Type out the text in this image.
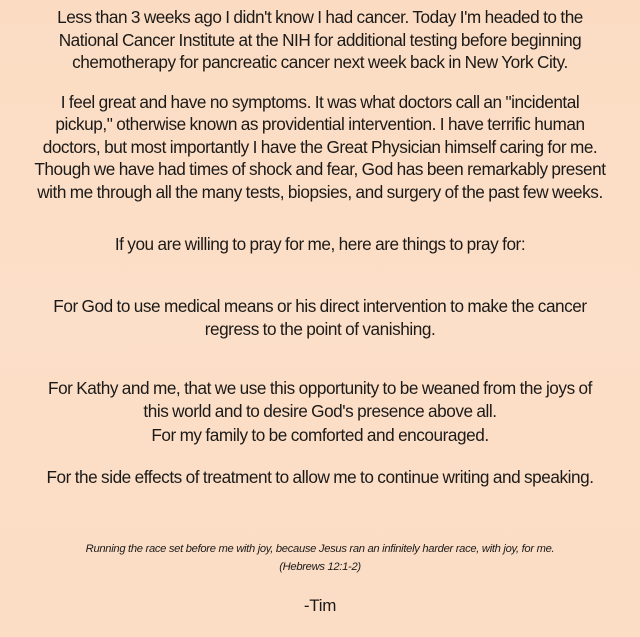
Less than 3 weeks ago I didn't know I had cancer. Today I'm headed to the
National Cancer Institute at the NIH for additional testing before beginning
chemotherapy for pancreatic cancer next week back in New York City.
I feel great and have no symptoms. It was what doctors call an "incidental
pickup," otherwise known as providential intervention. I have terrific human
doctors, but most importantly I have the Great Physician himself caring for me.
Though we have had times of shock and fear, God has been remarkably present
with me through all the many tests, biopsies, and surgery of the past few weeks.
If you are willing to pray for me, here are things to pray for:
For God to use medical means or his direct intervention to make the cancer
regress to the point of vanishing.
For Kathy and me, that we use this opportunity to be weaned from the joys of
this world and to desire God's presence above all.
For my family to be comforted and encouraged.
For the side effects of treatment to allow me to continue writing and speaking.
Running the race set before me with joy, because Jesus ran an infinitely harder race, with joy, for me.
(Hebrews 12:1-2)
-Tim
